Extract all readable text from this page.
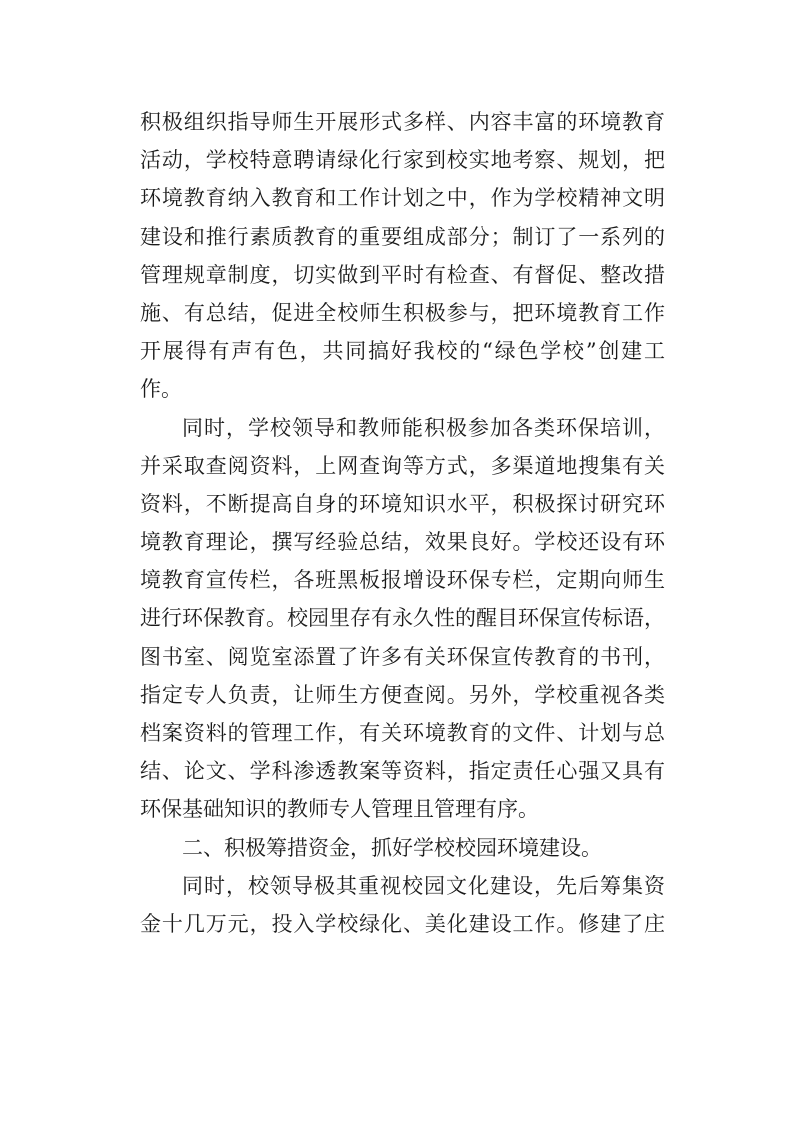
积极组织指导师生开展形式多样、内容丰富的环境教育
活动，学校特意聘请绿化行家到校实地考察、规划，把
环境教育纳入教育和工作计划之中，作为学校精神文明
建设和推行素质教育的重要组成部分；制订了一系列的
管理规章制度，切实做到平时有检查、有督促、整改措
施、有总结，促进全校师生积极参与，把环境教育工作
开展得有声有色，共同搞好我校的“绿色学校”创建工
作。
同时，学校领导和教师能积极参加各类环保培训，
并采取查阅资料，上网查询等方式，多渠道地搜集有关
资料，不断提高自身的环境知识水平，积极探讨研究环
境教育理论，撰写经验总结，效果良好。学校还设有环
境教育宣传栏，各班黑板报增设环保专栏，定期向师生
进行环保教育。校园里存有永久性的醒目环保宣传标语，
图书室、阅览室添置了许多有关环保宣传教育的书刊，
指定专人负责，让师生方便查阅。另外，学校重视各类
档案资料的管理工作，有关环境教育的文件、计划与总
结、论文、学科渗透教案等资料，指定责任心强又具有
环保基础知识的教师专人管理且管理有序。
二、积极筹措资金，抓好学校校园环境建设。
同时，校领导极其重视校园文化建设，先后筹集资
金十几万元，投入学校绿化、美化建设工作。修建了庄
